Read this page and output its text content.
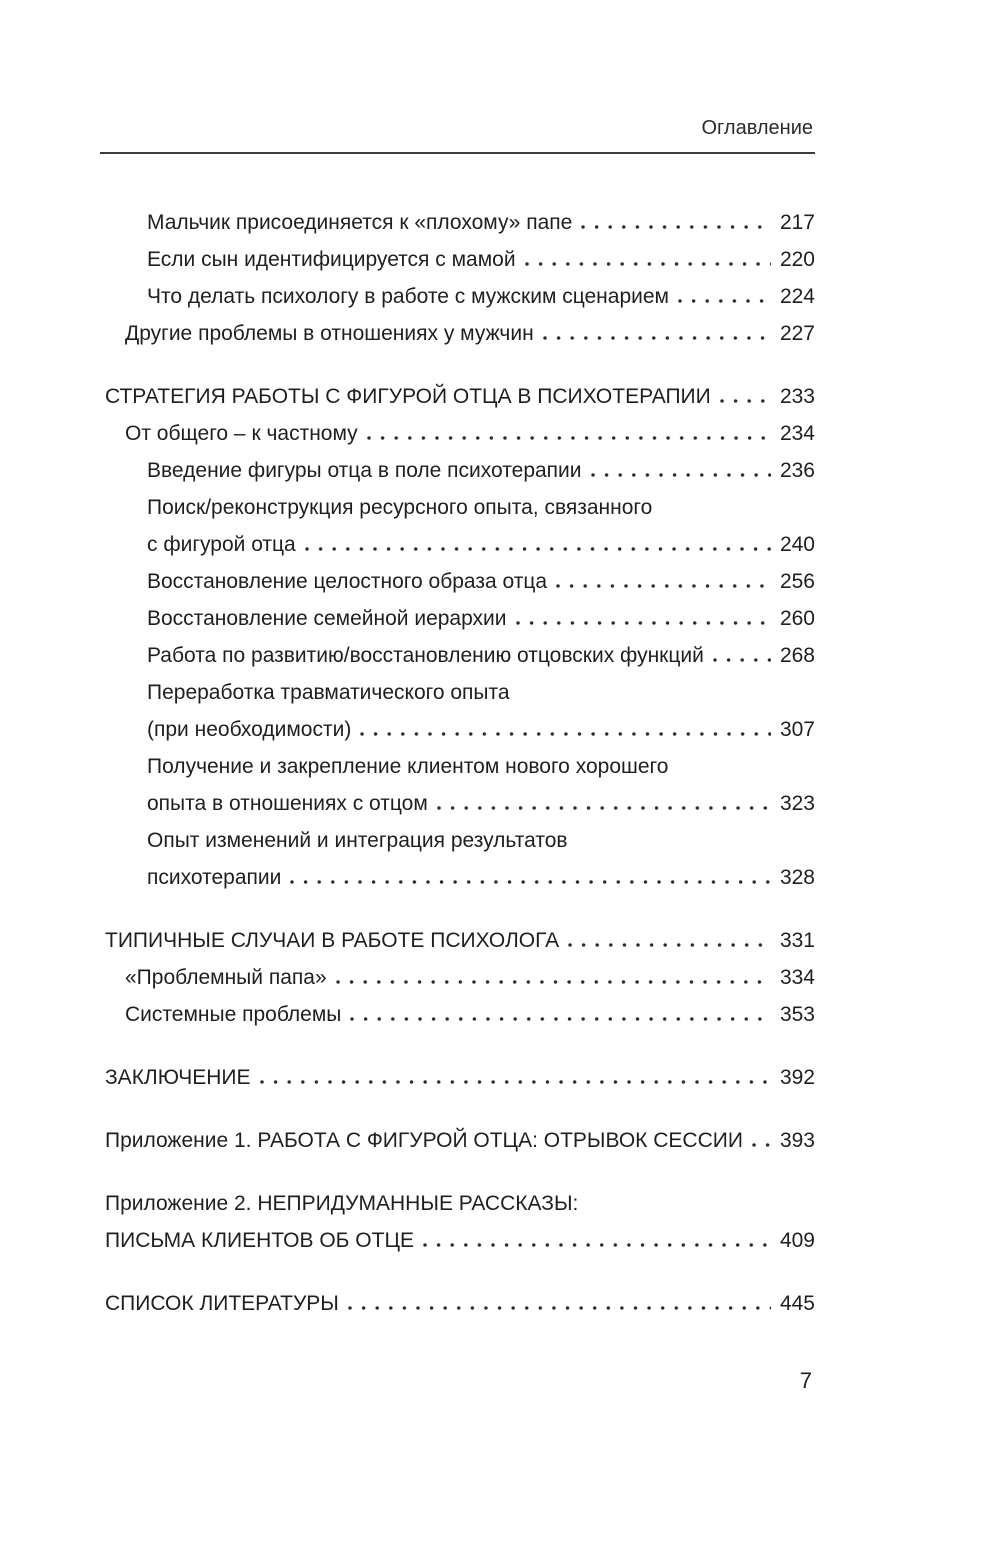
Оглавление
Мальчик присоединяется к «плохому» папе	217
Если сын идентифицируется с мамой	220
Что делать психологу в работе с мужским сценарием	224
Другие проблемы в отношениях у мужчин	227
СТРАТЕГИЯ РАБОТЫ С ФИГУРОЙ ОТЦА В ПСИХОТЕРАПИИ	233
От общего – к частному	234
Введение фигуры отца в поле психотерапии	236
Поиск/реконструкция ресурсного опыта, связанного
с фигурой отца	240
Восстановление целостного образа отца	256
Восстановление семейной иерархии	260
Работа по развитию/восстановлению отцовских функций	268
Переработка травматического опыта
(при необходимости)	307
Получение и закрепление клиентом нового хорошего
опыта в отношениях с отцом	323
Опыт изменений и интеграция результатов
психотерапии	328
ТИПИЧНЫЕ СЛУЧАИ В РАБОТЕ ПСИХОЛОГА	331
«Проблемный папа»	334
Системные проблемы	353
ЗАКЛЮЧЕНИЕ	392
Приложение 1. РАБОТА С ФИГУРОЙ ОТЦА: ОТРЫВОК СЕССИИ 393
Приложение 2. НЕПРИДУМАННЫЕ РАССКАЗЫ:
ПИСЬМА КЛИЕНТОВ ОБ ОТЦЕ	409
СПИСОК ЛИТЕРАТУРЫ	445
7
